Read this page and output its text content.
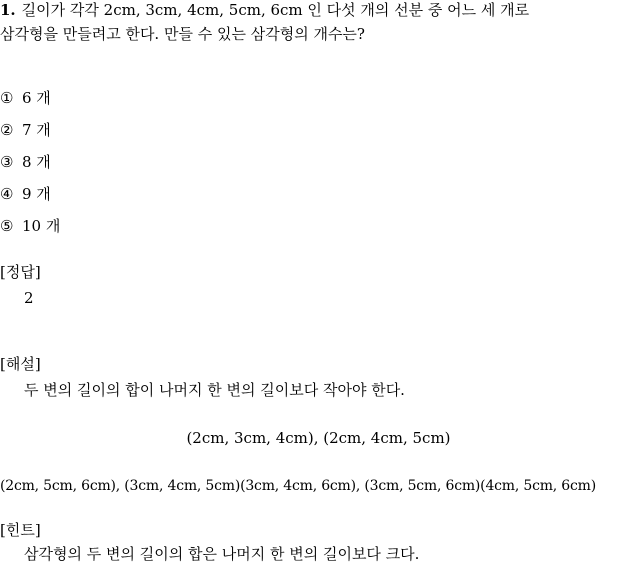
1. 길이가 각각 2cm, 3cm, 4cm, 5cm, 6cm 인 다섯 개의 선분 중 어느 세 개로
삼각형을 만들려고 한다. 만들 수 있는 삼각형의 개수는?
① 6 개
② 7 개
③ 8 개
④ 9 개
⑤ 10 개
[정답]
2
[해설]
두 변의 길이의 합이 나머지 한 변의 길이보다 작아야 한다.
(2cm, 3cm, 4cm), (2cm, 4cm, 5cm)
(2cm, 5cm, 6cm), (3cm, 4cm, 5cm)(3cm, 4cm, 6cm), (3cm, 5cm, 6cm)(4cm, 5cm, 6cm)
[힌트]
삼각형의 두 변의 길이의 합은 나머지 한 변의 길이보다 크다.
